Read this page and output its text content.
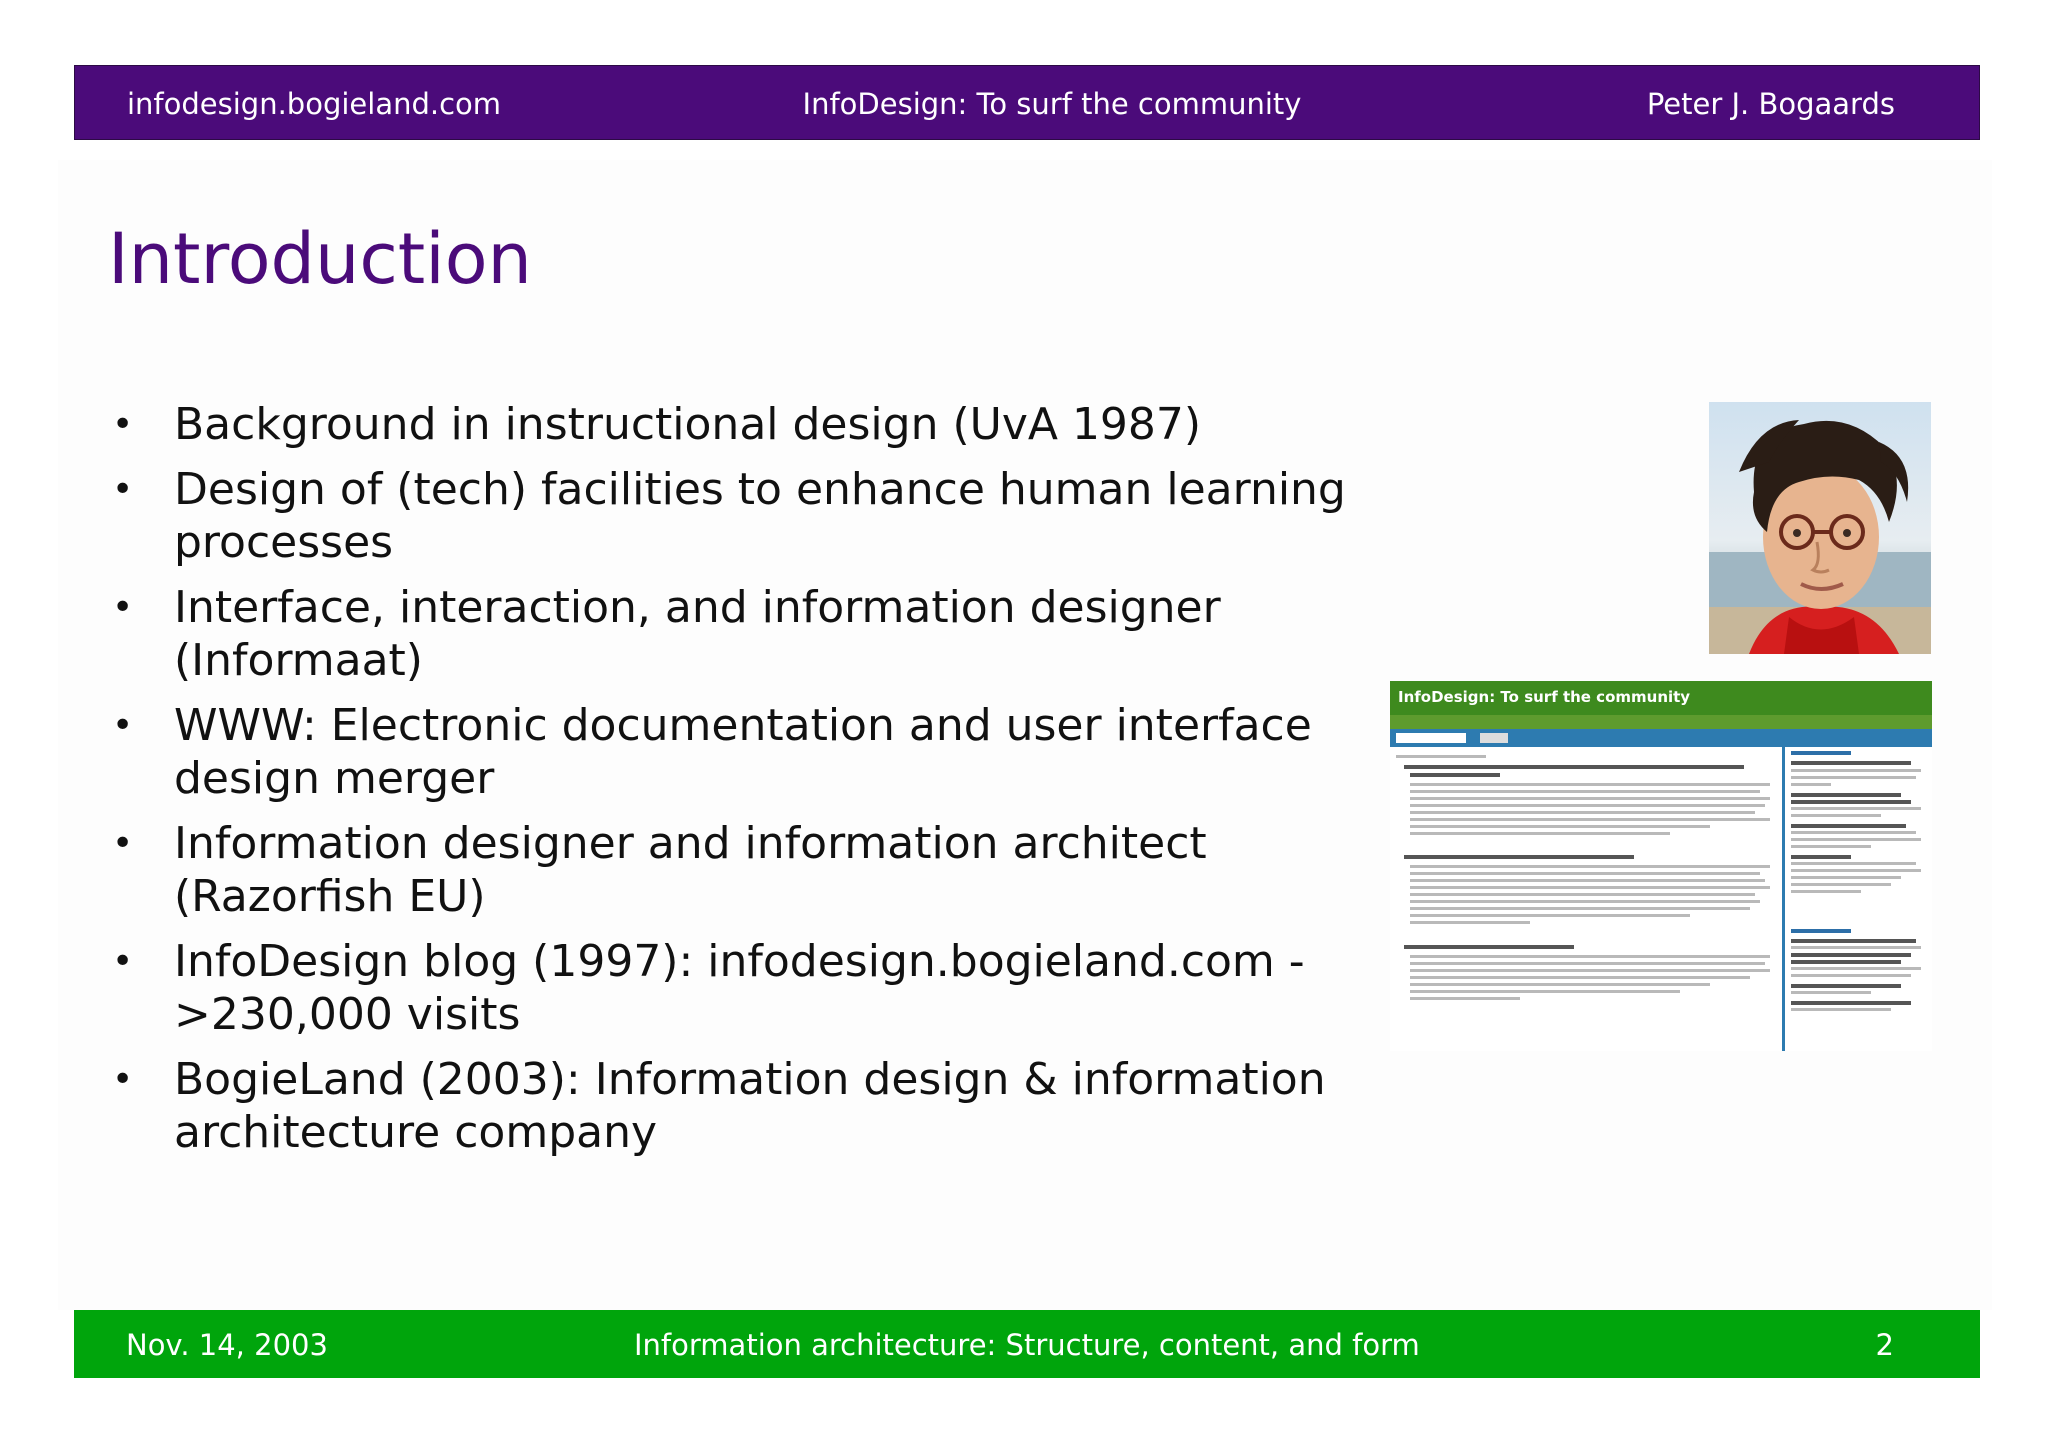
infodesign.bogieland.com	InfoDesign: To surf the community	Peter J. Bogaards
Introduction
• Background in instructional design (UvA 1987)
• Design of (tech) facilities to enhance human learning processes
• Interface, interaction, and information designer (Informaat)
• WWW: Electronic documentation and user interface design merger
• Information designer and information architect (Razorfish EU)
• InfoDesign blog (1997): infodesign.bogieland.com - >230,000 visits
• BogieLand (2003): Information design & information architecture company
InfoDesign: To surf the community
Nov. 14, 2003	Information architecture: Structure, content, and form	2
